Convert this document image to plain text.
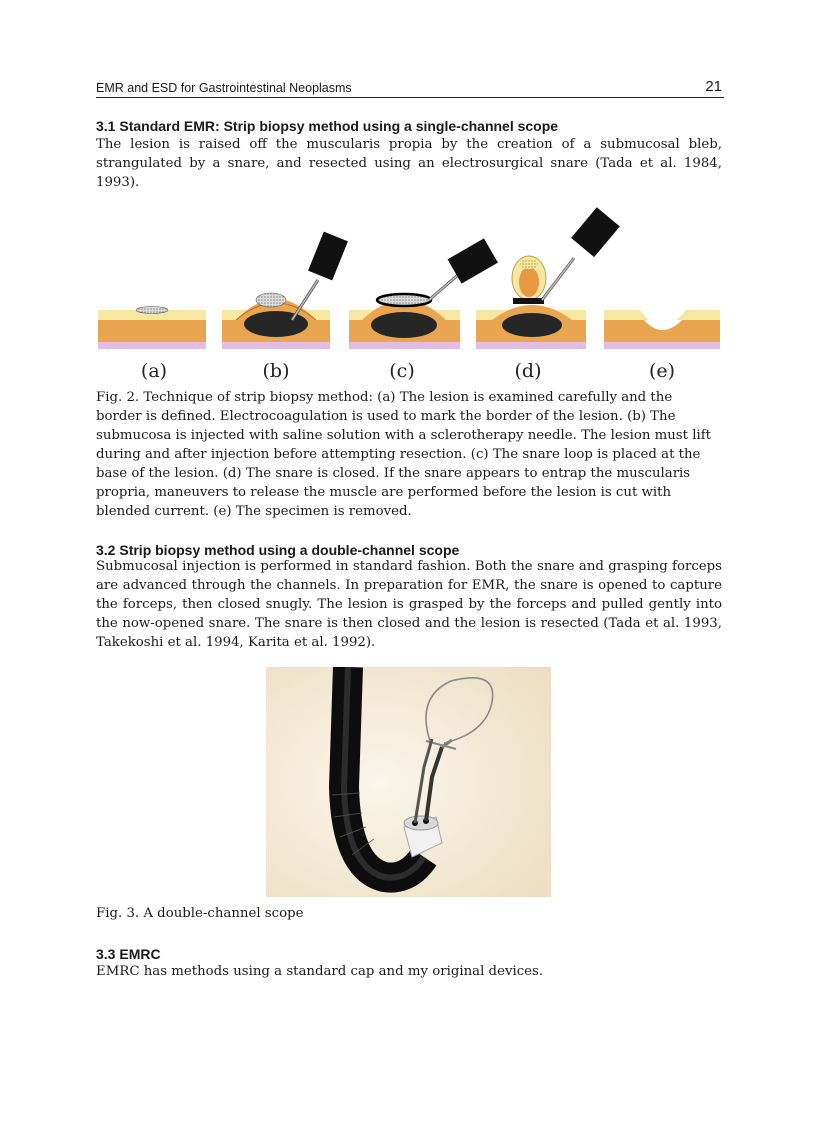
EMR and ESD for Gastrointestinal Neoplasms	21
3.1 Standard EMR: Strip biopsy method using a single-channel scope

The lesion is raised off the muscularis propia by the creation of a submucosal bleb, strangulated by a snare, and resected using an electrosurgical snare (Tada et al. 1984, 1993).

(a)	(b)	(c)	(d)	(e)

Fig. 2. Technique of strip biopsy method: (a) The lesion is examined carefully and the border is defined. Electrocoagulation is used to mark the border of the lesion. (b) The submucosa is injected with saline solution with a sclerotherapy needle. The lesion must lift during and after injection before attempting resection. (c) The snare loop is placed at the base of the lesion. (d) The snare is closed. If the snare appears to entrap the muscularis propria, maneuvers to release the muscle are performed before the lesion is cut with blended current. (e) The specimen is removed.

3.2 Strip biopsy method using a double-channel scope

Submucosal injection is performed in standard fashion. Both the snare and grasping forceps are advanced through the channels. In preparation for EMR, the snare is opened to capture the forceps, then closed snugly. The lesion is grasped by the forceps and pulled gently into the now-opened snare. The snare is then closed and the lesion is resected (Tada et al. 1993, Takekoshi et al. 1994, Karita et al. 1992).

Fig. 3. A double-channel scope

3.3 EMRC

EMRC has methods using a standard cap and my original devices.
